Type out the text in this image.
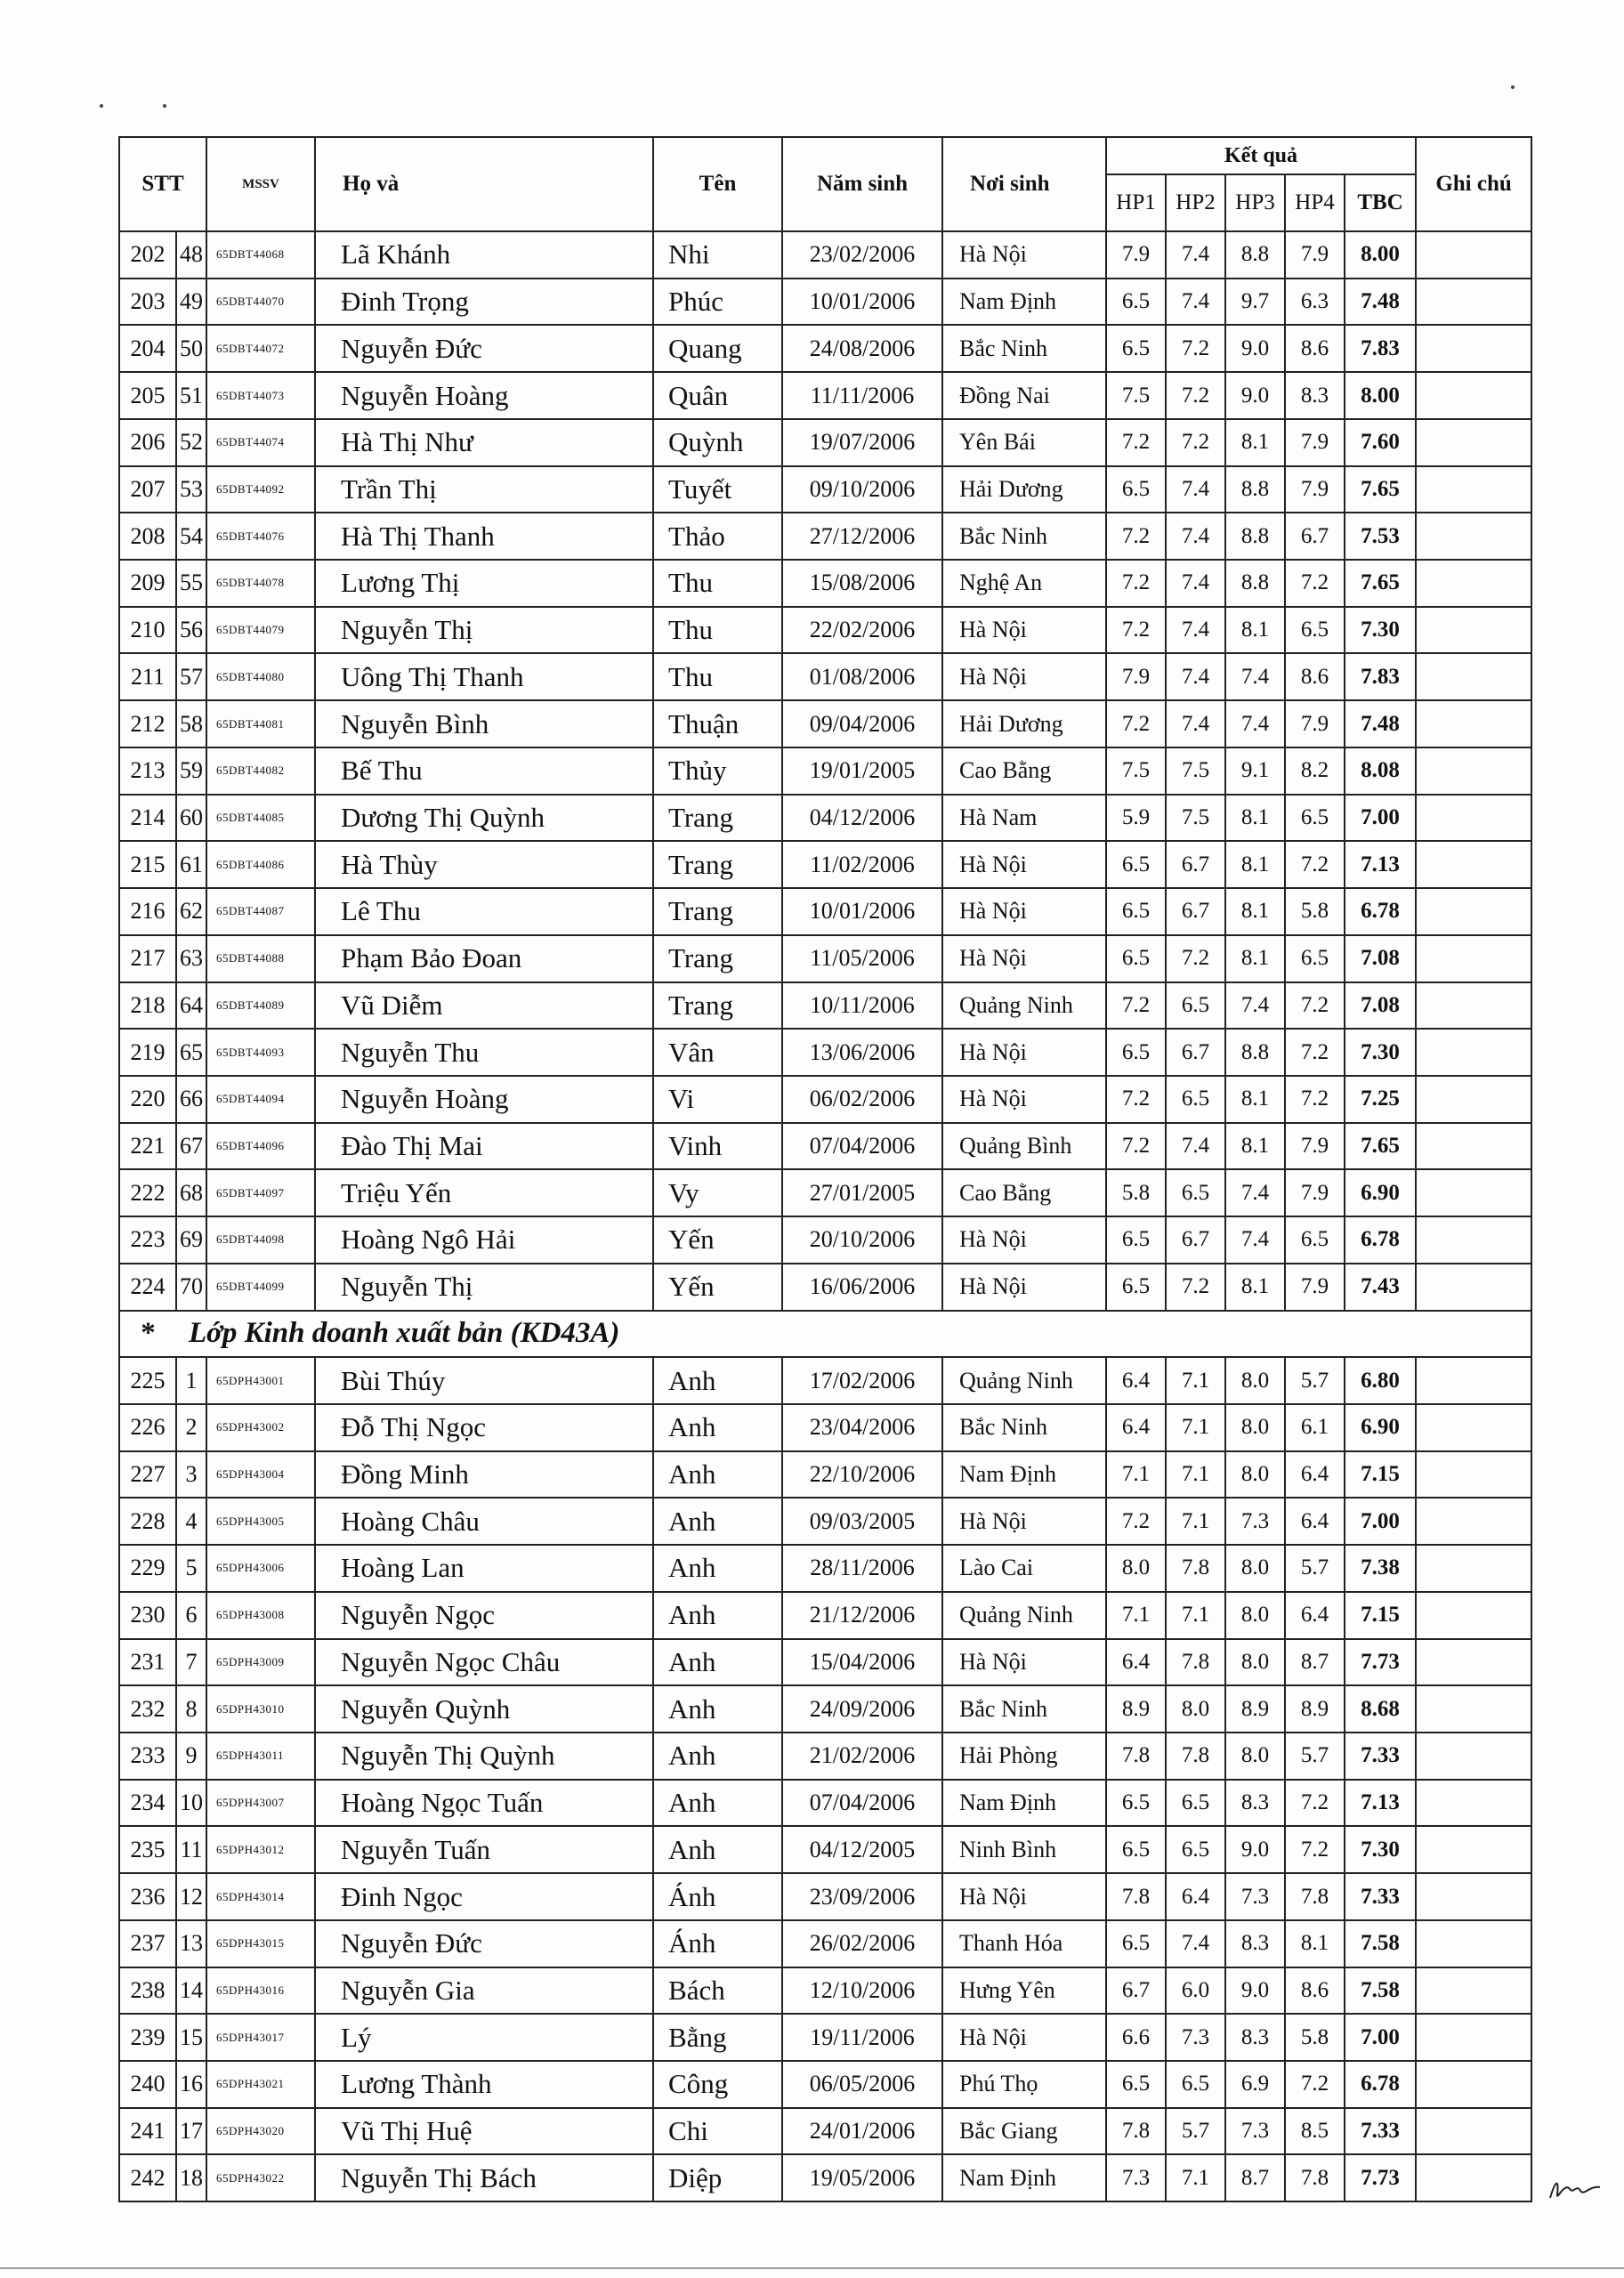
STT		MSSV	Họ và	Tên	Năm sinh	Nơi sinh	Kết quả					Ghi chú
							HP1	HP2	HP3	HP4	TBC	
202	48	65DBT44068	Lã Khánh	Nhi	23/02/2006	Hà Nội	7.9	7.4	8.8	7.9	8.00	
203	49	65DBT44070	Đinh Trọng	Phúc	10/01/2006	Nam Định	6.5	7.4	9.7	6.3	7.48	
204	50	65DBT44072	Nguyễn Đức	Quang	24/08/2006	Bắc Ninh	6.5	7.2	9.0	8.6	7.83	
205	51	65DBT44073	Nguyễn Hoàng	Quân	11/11/2006	Đồng Nai	7.5	7.2	9.0	8.3	8.00	
206	52	65DBT44074	Hà Thị Như	Quỳnh	19/07/2006	Yên Bái	7.2	7.2	8.1	7.9	7.60	
207	53	65DBT44092	Trần Thị	Tuyết	09/10/2006	Hải Dương	6.5	7.4	8.8	7.9	7.65	
208	54	65DBT44076	Hà Thị Thanh	Thảo	27/12/2006	Bắc Ninh	7.2	7.4	8.8	6.7	7.53	
209	55	65DBT44078	Lương Thị	Thu	15/08/2006	Nghệ An	7.2	7.4	8.8	7.2	7.65	
210	56	65DBT44079	Nguyễn Thị	Thu	22/02/2006	Hà Nội	7.2	7.4	8.1	6.5	7.30	
211	57	65DBT44080	Uông Thị Thanh	Thu	01/08/2006	Hà Nội	7.9	7.4	7.4	8.6	7.83	
212	58	65DBT44081	Nguyễn Bình	Thuận	09/04/2006	Hải Dương	7.2	7.4	7.4	7.9	7.48	
213	59	65DBT44082	Bế Thu	Thủy	19/01/2005	Cao Bằng	7.5	7.5	9.1	8.2	8.08	
214	60	65DBT44085	Dương Thị Quỳnh	Trang	04/12/2006	Hà Nam	5.9	7.5	8.1	6.5	7.00	
215	61	65DBT44086	Hà Thùy	Trang	11/02/2006	Hà Nội	6.5	6.7	8.1	7.2	7.13	
216	62	65DBT44087	Lê Thu	Trang	10/01/2006	Hà Nội	6.5	6.7	8.1	5.8	6.78	
217	63	65DBT44088	Phạm Bảo Đoan	Trang	11/05/2006	Hà Nội	6.5	7.2	8.1	6.5	7.08	
218	64	65DBT44089	Vũ Diễm	Trang	10/11/2006	Quảng Ninh	7.2	6.5	7.4	7.2	7.08	
219	65	65DBT44093	Nguyễn Thu	Vân	13/06/2006	Hà Nội	6.5	6.7	8.8	7.2	7.30	
220	66	65DBT44094	Nguyễn Hoàng	Vi	06/02/2006	Hà Nội	7.2	6.5	8.1	7.2	7.25	
221	67	65DBT44096	Đào Thị Mai	Vinh	07/04/2006	Quảng Bình	7.2	7.4	8.1	7.9	7.65	
222	68	65DBT44097	Triệu Yến	Vy	27/01/2005	Cao Bằng	5.8	6.5	7.4	7.9	6.90	
223	69	65DBT44098	Hoàng Ngô Hải	Yến	20/10/2006	Hà Nội	6.5	6.7	7.4	6.5	6.78	
224	70	65DBT44099	Nguyễn Thị	Yến	16/06/2006	Hà Nội	6.5	7.2	8.1	7.9	7.43	
*	Lớp Kinh doanh xuất bản (KD43A)											
225	1	65DPH43001	Bùi Thúy	Anh	17/02/2006	Quảng Ninh	6.4	7.1	8.0	5.7	6.80	
226	2	65DPH43002	Đỗ Thị Ngọc	Anh	23/04/2006	Bắc Ninh	6.4	7.1	8.0	6.1	6.90	
227	3	65DPH43004	Đồng Minh	Anh	22/10/2006	Nam Định	7.1	7.1	8.0	6.4	7.15	
228	4	65DPH43005	Hoàng Châu	Anh	09/03/2005	Hà Nội	7.2	7.1	7.3	6.4	7.00	
229	5	65DPH43006	Hoàng Lan	Anh	28/11/2006	Lào Cai	8.0	7.8	8.0	5.7	7.38	
230	6	65DPH43008	Nguyễn Ngọc	Anh	21/12/2006	Quảng Ninh	7.1	7.1	8.0	6.4	7.15	
231	7	65DPH43009	Nguyễn Ngọc Châu	Anh	15/04/2006	Hà Nội	6.4	7.8	8.0	8.7	7.73	
232	8	65DPH43010	Nguyễn Quỳnh	Anh	24/09/2006	Bắc Ninh	8.9	8.0	8.9	8.9	8.68	
233	9	65DPH43011	Nguyễn Thị Quỳnh	Anh	21/02/2006	Hải Phòng	7.8	7.8	8.0	5.7	7.33	
234	10	65DPH43007	Hoàng Ngọc Tuấn	Anh	07/04/2006	Nam Định	6.5	6.5	8.3	7.2	7.13	
235	11	65DPH43012	Nguyễn Tuấn	Anh	04/12/2005	Ninh Bình	6.5	6.5	9.0	7.2	7.30	
236	12	65DPH43014	Đinh Ngọc	Ánh	23/09/2006	Hà Nội	7.8	6.4	7.3	7.8	7.33	
237	13	65DPH43015	Nguyễn Đức	Ánh	26/02/2006	Thanh Hóa	6.5	7.4	8.3	8.1	7.58	
238	14	65DPH43016	Nguyễn Gia	Bách	12/10/2006	Hưng Yên	6.7	6.0	9.0	8.6	7.58	
239	15	65DPH43017	Lý	Bằng	19/11/2006	Hà Nội	6.6	7.3	8.3	5.8	7.00	
240	16	65DPH43021	Lương Thành	Công	06/05/2006	Phú Thọ	6.5	6.5	6.9	7.2	6.78	
241	17	65DPH43020	Vũ Thị Huệ	Chi	24/01/2006	Bắc Giang	7.8	5.7	7.3	8.5	7.33	
242	18	65DPH43022	Nguyễn Thị Bách	Diệp	19/05/2006	Nam Định	7.3	7.1	8.7	7.8	7.73	
